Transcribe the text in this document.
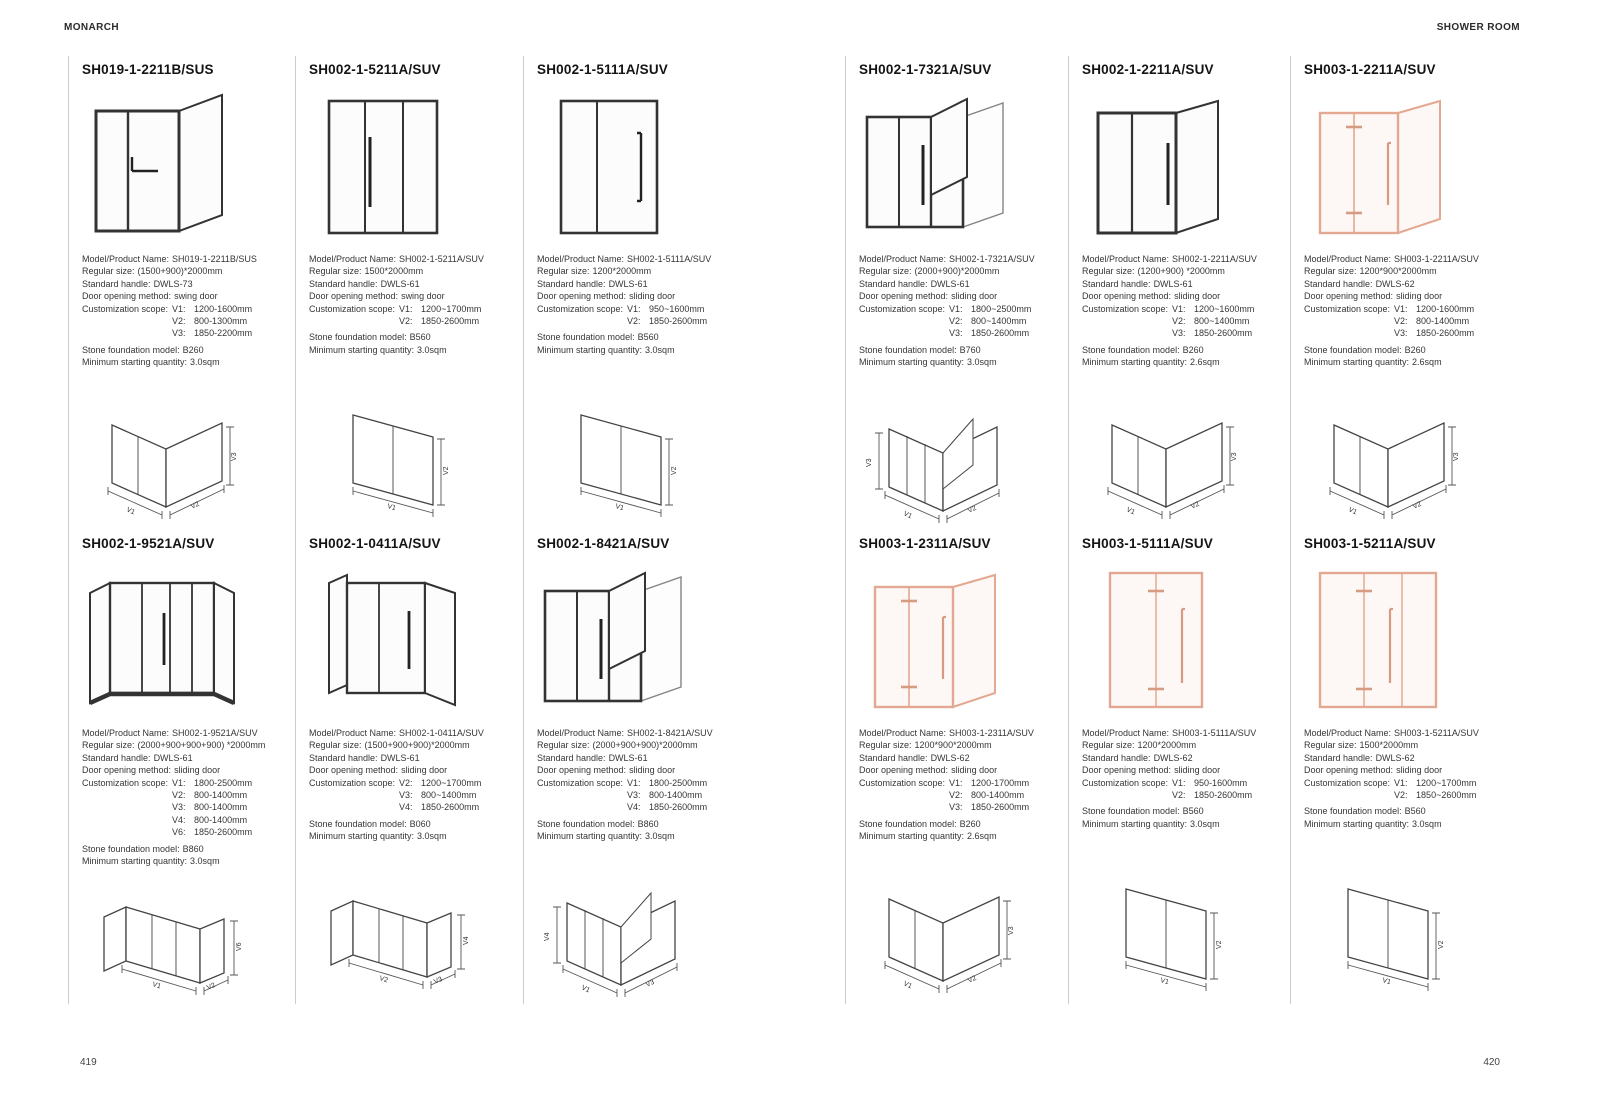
MONARCH	SHOWER ROOM
SH019-1-2211B/SUS
Model/Product Name: SH019-1-2211B/SUS
Regular size: (1500+900)*2000mm
Standard handle: DWLS-73
Door opening method: swing door
Customization scope: V1: 1200-1600mm
V2: 800-1300mm
V3: 1850-2200mm
Stone foundation model: B260
Minimum starting quantity: 3.0sqm
V1
V2
V3
SH002-1-5211A/SUV
Model/Product Name: SH002-1-5211A/SUV
Regular size: 1500*2000mm
Standard handle: DWLS-61
Door opening method: swing door
Customization scope: V1: 1200~1700mm
V2: 1850-2600mm
Stone foundation model: B560
Minimum starting quantity: 3.0sqm
V1
V2
SH002-1-5111A/SUV
Model/Product Name: SH002-1-5111A/SUV
Regular size: 1200*2000mm
Standard handle: DWLS-61
Door opening method: sliding door
Customization scope: V1: 950~1600mm
V2: 1850-2600mm
Stone foundation model: B560
Minimum starting quantity: 3.0sqm
V1
V2
SH002-1-7321A/SUV
Model/Product Name: SH002-1-7321A/SUV
Regular size: (2000+900)*2000mm
Standard handle: DWLS-61
Door opening method: sliding door
Customization scope: V1: 1800~2500mm
V2: 800~1400mm
V3: 1850-2600mm
Stone foundation model: B760
Minimum starting quantity: 3.0sqm
V1
V2
V3
SH002-1-2211A/SUV
Model/Product Name: SH002-1-2211A/SUV
Regular size: (1200+900) *2000mm
Standard handle: DWLS-61
Door opening method: sliding door
Customization scope: V1: 1200~1600mm
V2: 800~1400mm
V3: 1850-2600mm
Stone foundation model: B260
Minimum starting quantity: 2.6sqm
V1
V2
V3
SH003-1-2211A/SUV
Model/Product Name: SH003-1-2211A/SUV
Regular size: 1200*900*2000mm
Standard handle: DWLS-62
Door opening method: sliding door
Customization scope: V1: 1200-1600mm
V2: 800-1400mm
V3: 1850-2600mm
Stone foundation model: B260
Minimum starting quantity: 2.6sqm
V1
V2
V3
SH002-1-9521A/SUV
Model/Product Name: SH002-1-9521A/SUV
Regular size: (2000+900+900+900) *2000mm
Standard handle: DWLS-61
Door opening method: sliding door
Customization scope: V1: 1800-2500mm
V2: 800-1400mm
V3: 800-1400mm
V4: 800-1400mm
V6: 1850-2600mm
Stone foundation model: B860
Minimum starting quantity: 3.0sqm
V1	V2
V6
SH002-1-0411A/SUV
Model/Product Name: SH002-1-0411A/SUV
Regular size: (1500+900+900)*2000mm
Standard handle: DWLS-61
Door opening method: sliding door
Customization scope: V2: 1200~1700mm
V3: 800~1400mm
V4: 1850-2600mm
Stone foundation model: B060
Minimum starting quantity: 3.0sqm
V2	V3
V4
SH002-1-8421A/SUV
Model/Product Name: SH002-1-8421A/SUV
Regular size: (2000+900+900)*2000mm
Standard handle: DWLS-61
Door opening method: sliding door
Customization scope: V1: 1800-2500mm
V3: 800-1400mm
V4: 1850-2600mm
Stone foundation model: B860
Minimum starting quantity: 3.0sqm
V1
V3
V4
SH003-1-2311A/SUV
Model/Product Name: SH003-1-2311A/SUV
Regular size: 1200*900*2000mm
Standard handle: DWLS-62
Door opening method: sliding door
Customization scope: V1: 1200-1700mm
V2: 800-1400mm
V3: 1850-2600mm
Stone foundation model: B260
Minimum starting quantity: 2.6sqm
V1
V2
V3
SH003-1-5111A/SUV
Model/Product Name: SH003-1-5111A/SUV
Regular size: 1200*2000mm
Standard handle: DWLS-62
Door opening method: sliding door
Customization scope: V1: 950-1600mm
V2: 1850-2600mm
Stone foundation model: B560
Minimum starting quantity: 3.0sqm
V1
V2
SH003-1-5211A/SUV
Model/Product Name: SH003-1-5211A/SUV
Regular size: 1500*2000mm
Standard handle: DWLS-62
Door opening method: sliding door
Customization scope: V1: 1200~1700mm
V2: 1850~2600mm
Stone foundation model: B560
Minimum starting quantity: 3.0sqm
V1
V2
419	420
